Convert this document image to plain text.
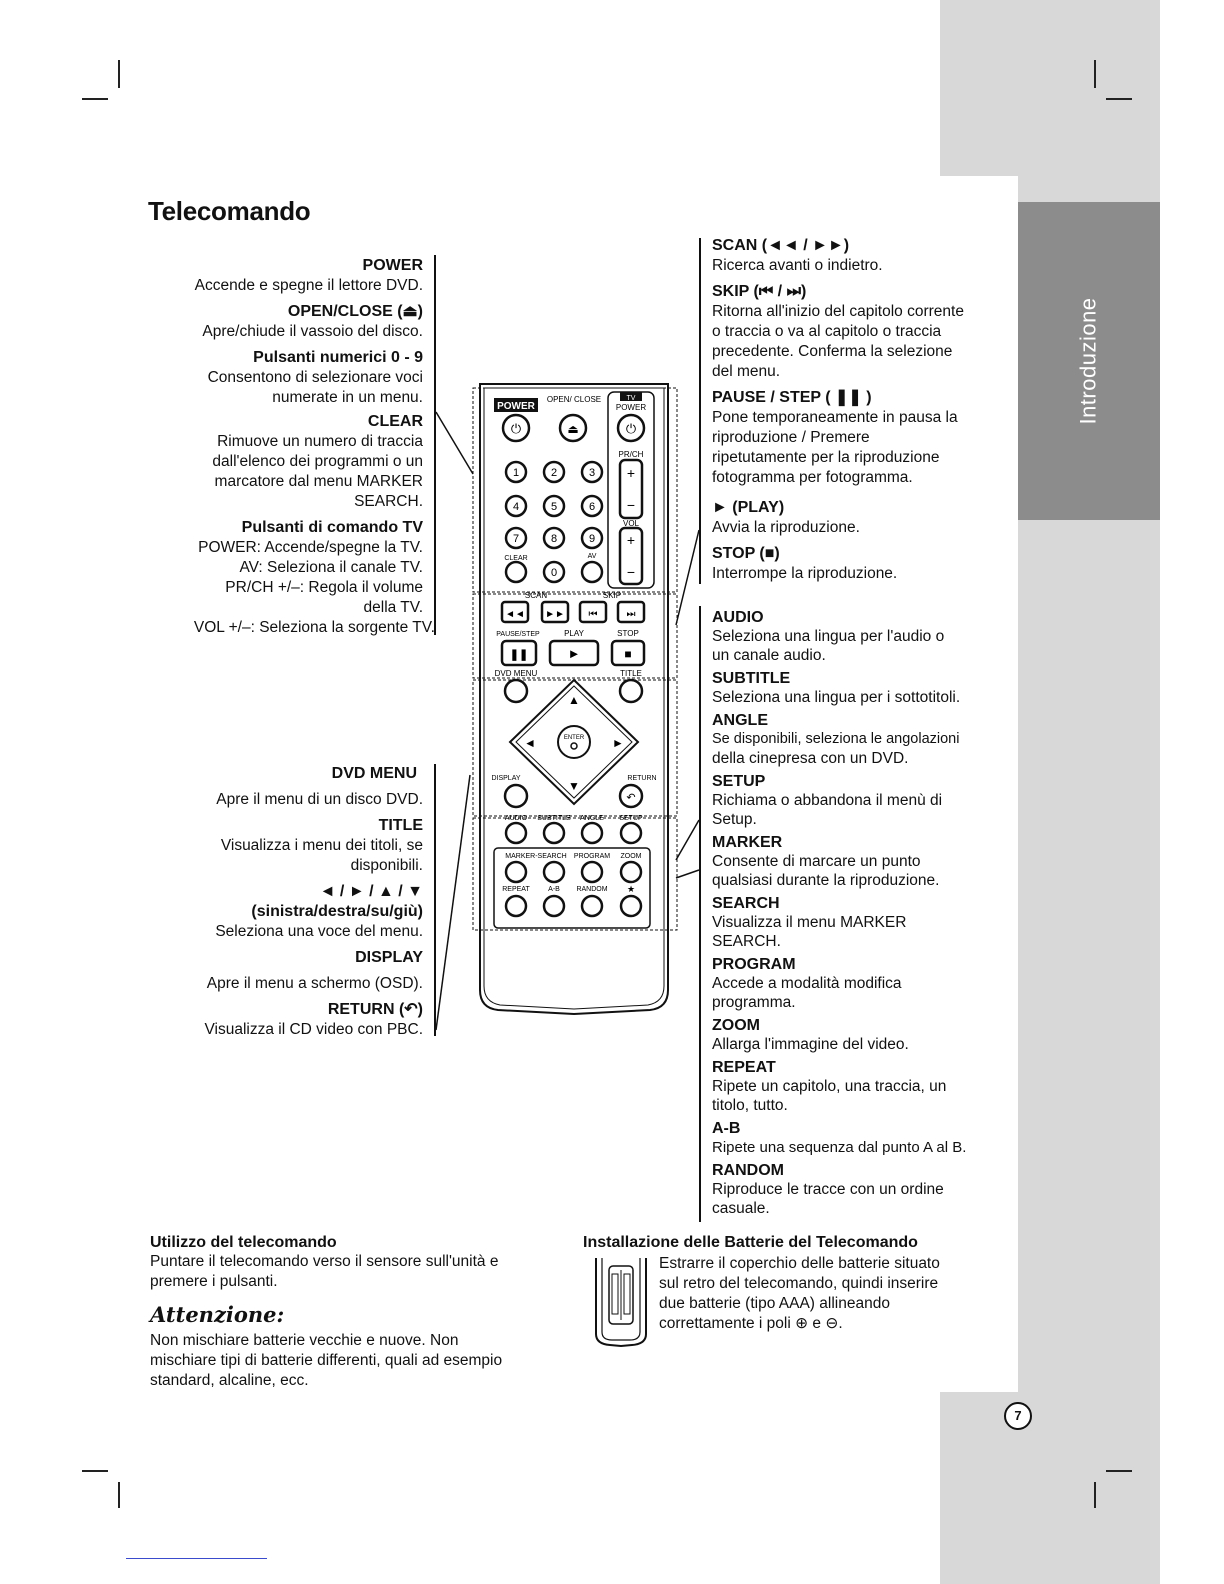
Introduzione
Telecomando
POWER
Accende e spegne il lettore DVD.
OPEN/CLOSE (⏏)
Apre/chiude il vassoio del disco.
Pulsanti numerici 0 - 9
Consentono di selezionare voci
numerate in un menu.
CLEAR
Rimuove un numero di traccia
dall'elenco dei programmi o un
marcatore dal menu MARKER
SEARCH.
Pulsanti di comando TV
POWER: Accende/spegne la TV.
AV: Seleziona il canale TV.
PR/CH +/–: Regola il volume
della TV.
VOL +/–: Seleziona la sorgente TV.
DVD MENU
Apre il menu di un disco DVD.
TITLE
Visualizza i menu dei titoli, se
disponibili.
◄ / ► / ▲ / ▼
(sinistra/destra/su/giù)
Seleziona una voce del menu.
DISPLAY
Apre il menu a schermo (OSD).
RETURN (↶)
Visualizza il CD video con PBC.
SCAN (◄◄ / ►►)
Ricerca avanti o indietro.
SKIP (⏮ / ⏭)
Ritorna all'inizio del capitolo corrente
o traccia o va al capitolo o traccia
precedente. Conferma la selezione
del menu.
PAUSE / STEP ( ❚❚ )
Pone temporaneamente in pausa la
riproduzione / Premere
ripetutamente per la riproduzione
fotogramma per fotogramma.
► (PLAY)
Avvia la riproduzione.
STOP (■)
Interrompe la riproduzione.
AUDIO
Seleziona una lingua per l'audio o
un canale audio.
SUBTITLE
Seleziona una lingua per i sottotitoli.
ANGLE
Se disponibili, seleziona le angolazioni
della cinepresa con un DVD.
SETUP
Richiama o abbandona il menù di
Setup.
MARKER
Consente di marcare un punto
qualsiasi durante la riproduzione.
SEARCH
Visualizza il menu MARKER
SEARCH.
PROGRAM
Accede a modalità modifica
programma.
ZOOM
Allarga l'immagine del video.
REPEAT
Ripete un capitolo, una traccia, un
titolo, tutto.
A-B
Ripete una sequenza dal punto A al B.
RANDOM
Riproduce le tracce con un ordine
casuale.
POWER
OPEN/ CLOSE	TV
POWER
⏻	⏏	⏻
PR/CH
1	2	3
4	5	6
7	8	9
CLEAR
0
AV
+
−
VOL
+
−
SCAN	SKIP
◄◄ ►► ⏮	⏭
PAUSE/STEP	PLAY	STOP
❚❚	►	■
DVD MENU	TITLE
▲
▼
◄	►
ENTER
DISPLAY	RETURN
↶
AUDIO SUBTITLE ANGLE SETUP
MARKER-SEARCH PROGRAM ZOOM
REPEAT	A-B RANDOM ★
Utilizzo del telecomando
Puntare il telecomando verso il sensore sull'unità e
premere i pulsanti.
Attenzione:
Non mischiare batterie vecchie e nuove. Non
mischiare tipi di batterie differenti, quali ad esempio
standard, alcaline, ecc.
Installazione delle Batterie del Telecomando
Estrarre il coperchio delle batterie situato
sul retro del telecomando, quindi inserire
due batterie (tipo AAA) allineando
correttamente i poli ⊕ e ⊖.
7
